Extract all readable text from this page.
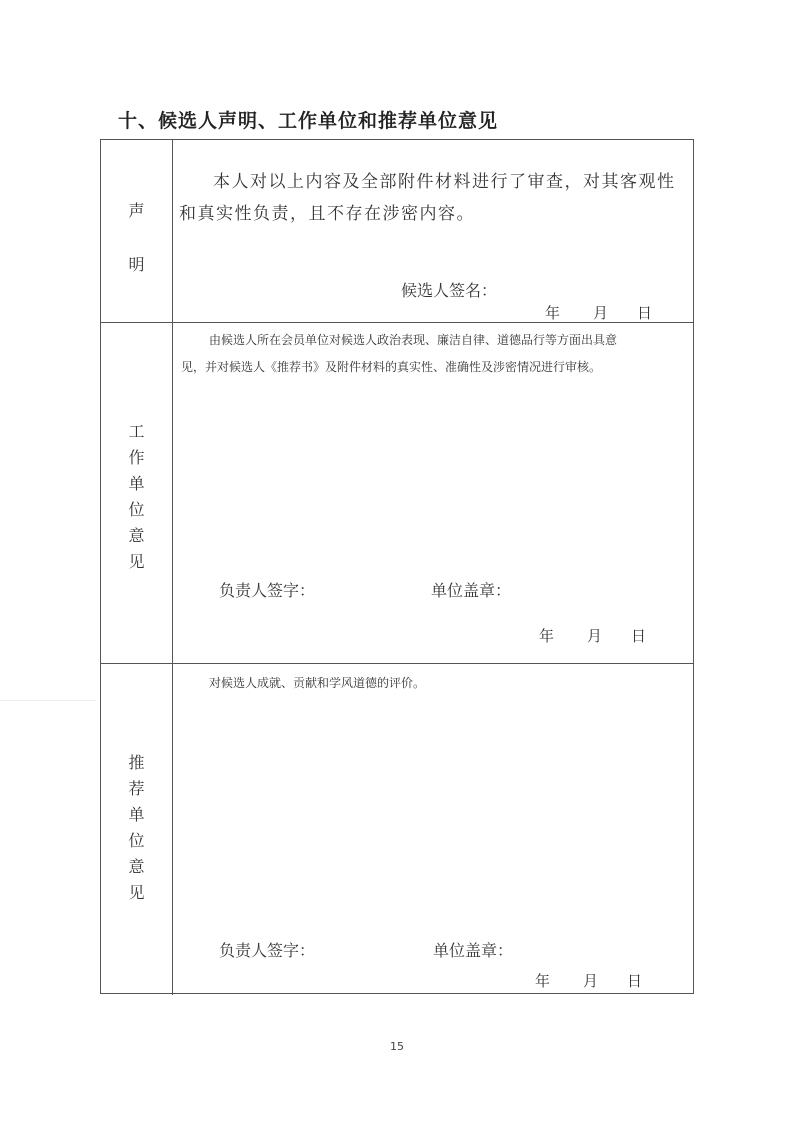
十、候选人声明、工作单位和推荐单位意见
声
明
本人对以上内容及全部附件材料进行了审查，对其客观性
和真实性负责，且不存在涉密内容。
候选人签名：
年 月 日
工
作
单
位
意
见
由候选人所在会员单位对候选人政治表现、廉洁自律、道德品行等方面出具意
见，并对候选人《推荐书》及附件材料的真实性、准确性及涉密情况进行审核。
负责人签字：	单位盖章：
年 月 日
推
荐
单
位
意
见
对候选人成就、贡献和学风道德的评价。
负责人签字：	单位盖章：
年 月 日
15
